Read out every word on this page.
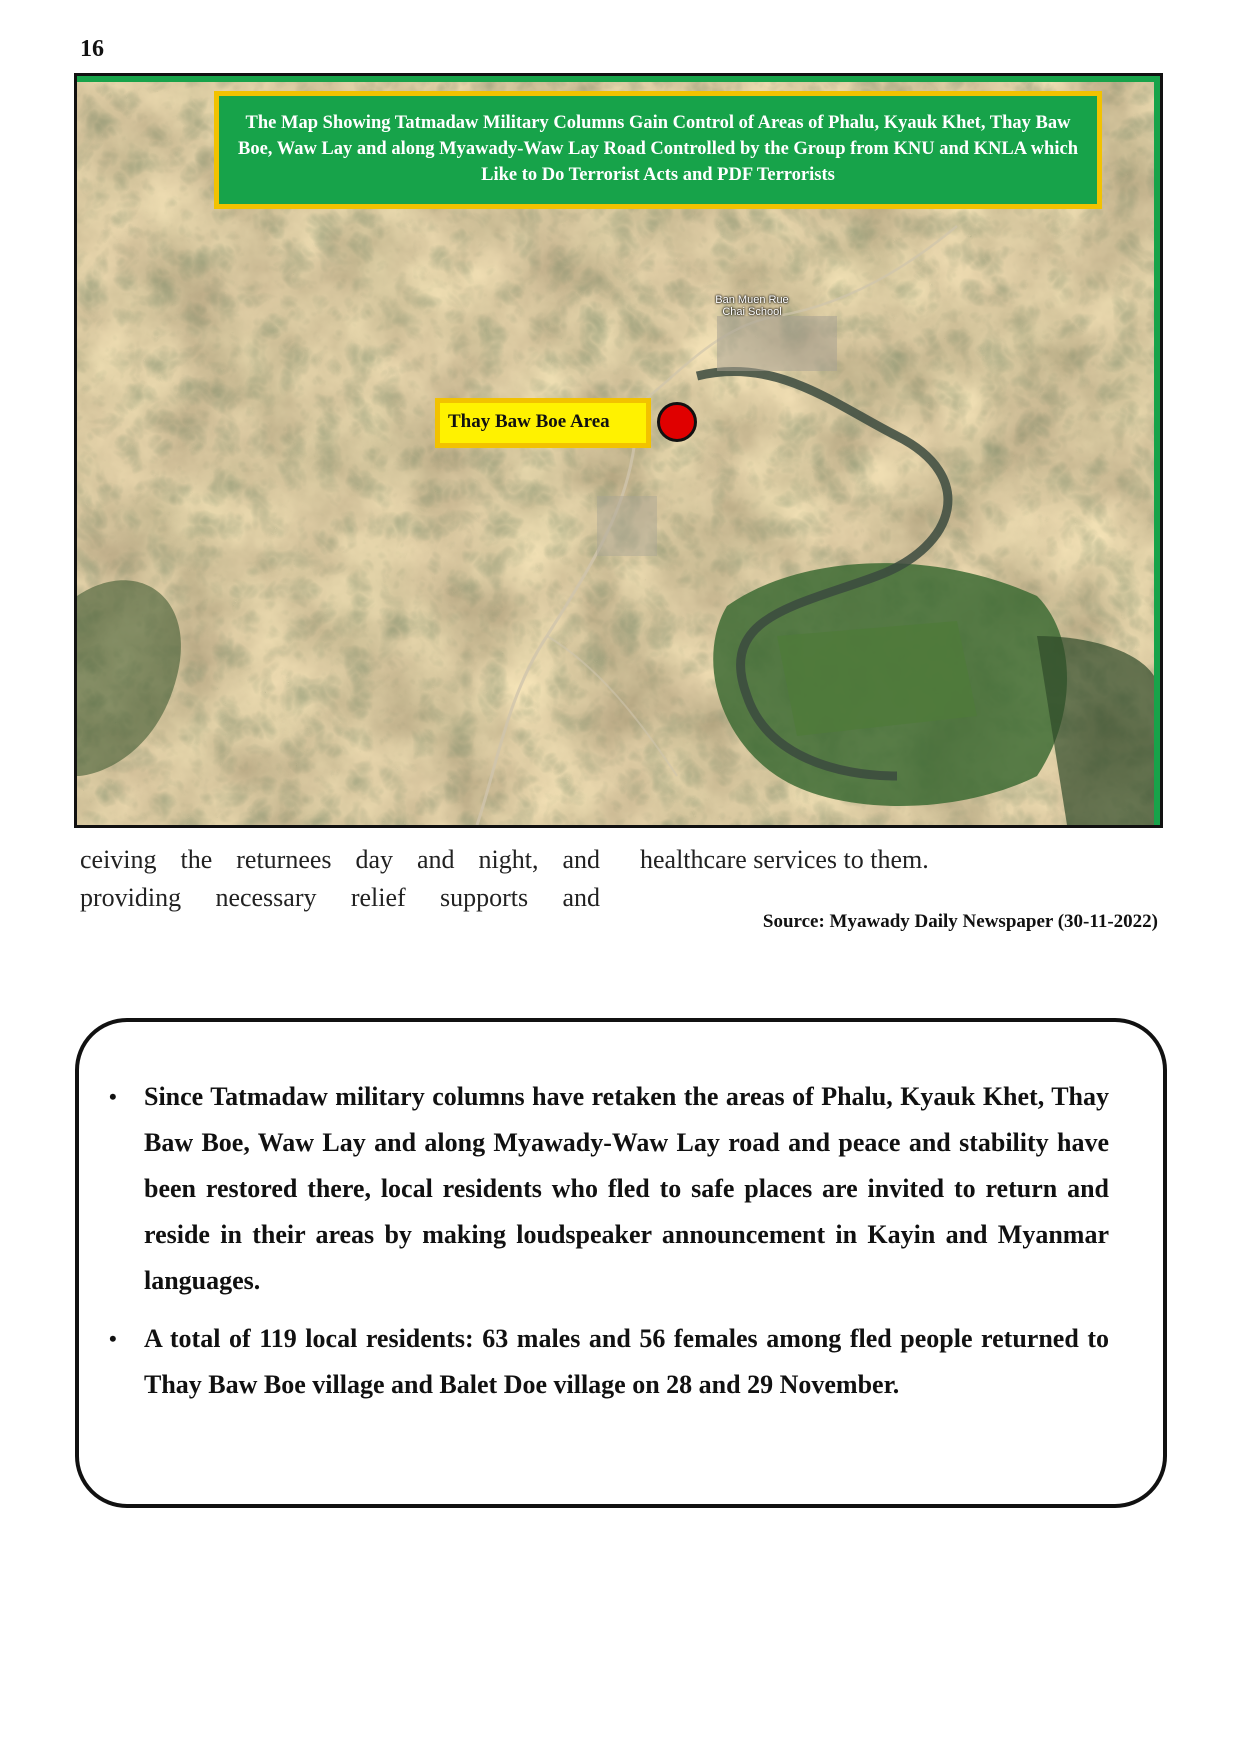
16
The Map Showing Tatmadaw Military Columns Gain Control of Areas of Phalu, Kyauk Khet, Thay Baw Boe, Waw Lay and along Myawady-Waw Lay Road Controlled by the Group from KNU and KNLA which Like to Do Terrorist Acts and PDF Terrorists
Ban Muen Rue Chai School
Thay Baw Boe Area
ceiving the returnees day and night, and providing necessary relief supports and
healthcare services to them.
Source: Myawady Daily Newspaper (30-11-2022)
• Since Tatmadaw military columns have retaken the areas of Phalu, Kyauk Khet, Thay Baw Boe, Waw Lay and along Myawady-Waw Lay road and peace and stability have been restored there, local residents who fled to safe places are invited to return and reside in their areas by making loudspeaker announcement in Kayin and Myanmar languages.
• A total of 119 local residents: 63 males and 56 females among fled people returned to Thay Baw Boe village and Balet Doe village on 28 and 29 November.
